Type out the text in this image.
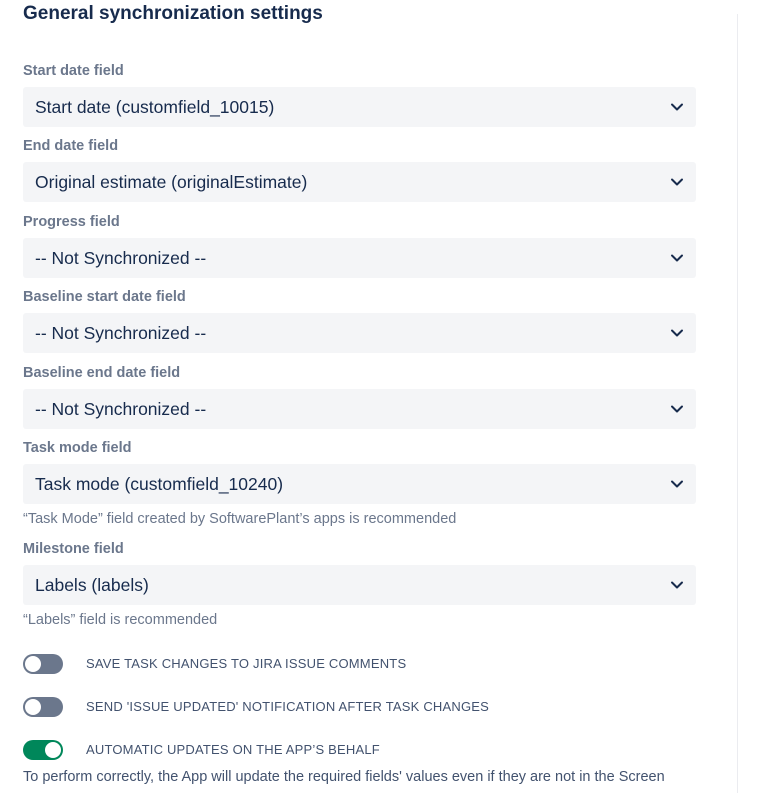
General synchronization settings
Start date field
Start date (customfield_10015)
End date field
Original estimate (originalEstimate)
Progress field
-- Not Synchronized --
Baseline start date field
-- Not Synchronized --
Baseline end date field
-- Not Synchronized --
Task mode field
Task mode (customfield_10240)
“Task Mode” field created by SoftwarePlant’s apps is recommended
Milestone field
Labels (labels)
“Labels” field is recommended
SAVE TASK CHANGES TO JIRA ISSUE COMMENTS
SEND 'ISSUE UPDATED' NOTIFICATION AFTER TASK CHANGES
AUTOMATIC UPDATES ON THE APP’S BEHALF
To perform correctly, the App will update the required fields' values even if they are not in the Screen
